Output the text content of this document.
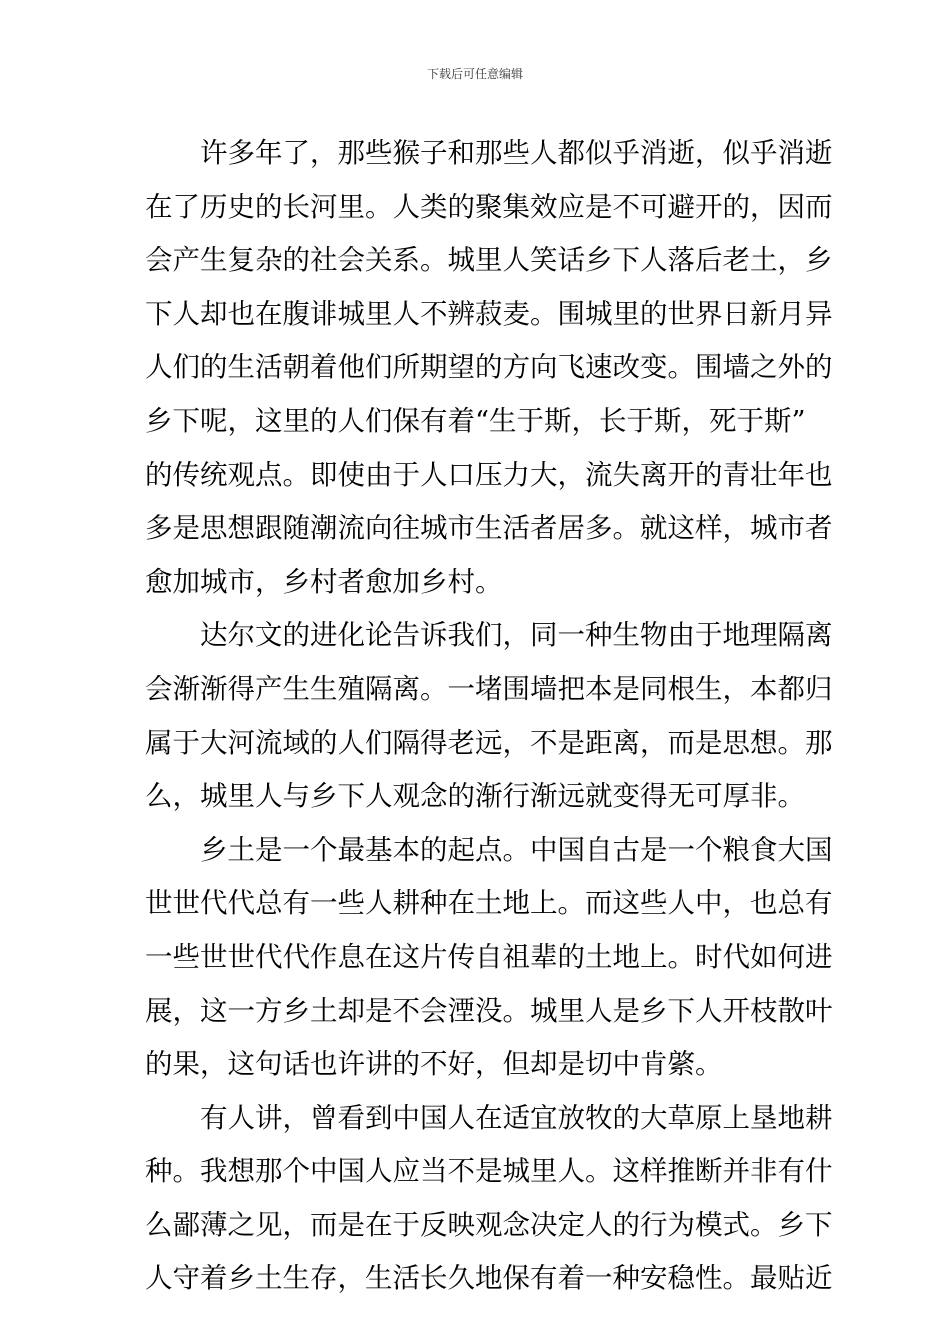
下载后可任意编辑
许多年了，那些猴子和那些人都似乎消逝，似乎消逝
在了历史的长河里。人类的聚集效应是不可避开的，因而
会产生复杂的社会关系。城里人笑话乡下人落后老土，乡
下人却也在腹诽城里人不辨菽麦。围城里的世界日新月异
人们的生活朝着他们所期望的方向飞速改变。围墙之外的
乡下呢，这里的人们保有着“生于斯，长于斯，死于斯”
的传统观点。即使由于人口压力大，流失离开的青壮年也
多是思想跟随潮流向往城市生活者居多。就这样，城市者
愈加城市，乡村者愈加乡村。
达尔文的进化论告诉我们，同一种生物由于地理隔离
会渐渐得产生生殖隔离。一堵围墙把本是同根生，本都归
属于大河流域的人们隔得老远，不是距离，而是思想。那
么，城里人与乡下人观念的渐行渐远就变得无可厚非。
乡土是一个最基本的起点。中国自古是一个粮食大国
世世代代总有一些人耕种在土地上。而这些人中，也总有
一些世世代代作息在这片传自祖辈的土地上。时代如何进
展，这一方乡土却是不会湮没。城里人是乡下人开枝散叶
的果，这句话也许讲的不好，但却是切中肯綮。
有人讲，曾看到中国人在适宜放牧的大草原上垦地耕
种。我想那个中国人应当不是城里人。这样推断并非有什
么鄙薄之见，而是在于反映观念决定人的行为模式。乡下
人守着乡土生存，生活长久地保有着一种安稳性。最贴近
